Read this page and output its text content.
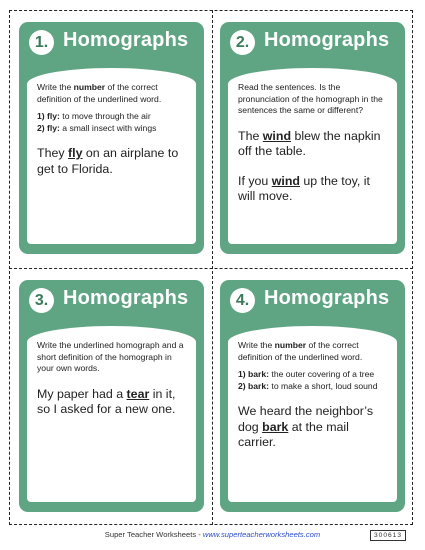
1. Homographs
Write the number of the correct definition of the underlined word.
1) fly: to move through the air
2) fly: a small insect with wings
They fly on an airplane to get to Florida.
2. Homographs
Read the sentences. Is the pronunciation of the homograph in the sentences the same or different?
The wind blew the napkin off the table.
If you wind up the toy, it will move.
3. Homographs
Write the underlined homograph and a short definition of the homograph in your own words.
My paper had a tear in it, so I asked for a new one.
4. Homographs
Write the number of the correct definition of the underlined word.
1) bark: the outer covering of a tree
2) bark: to make a short, loud sound
We heard the neighbor’s dog bark at the mail carrier.
Super Teacher Worksheets - www.superteacherworksheets.com	300613
